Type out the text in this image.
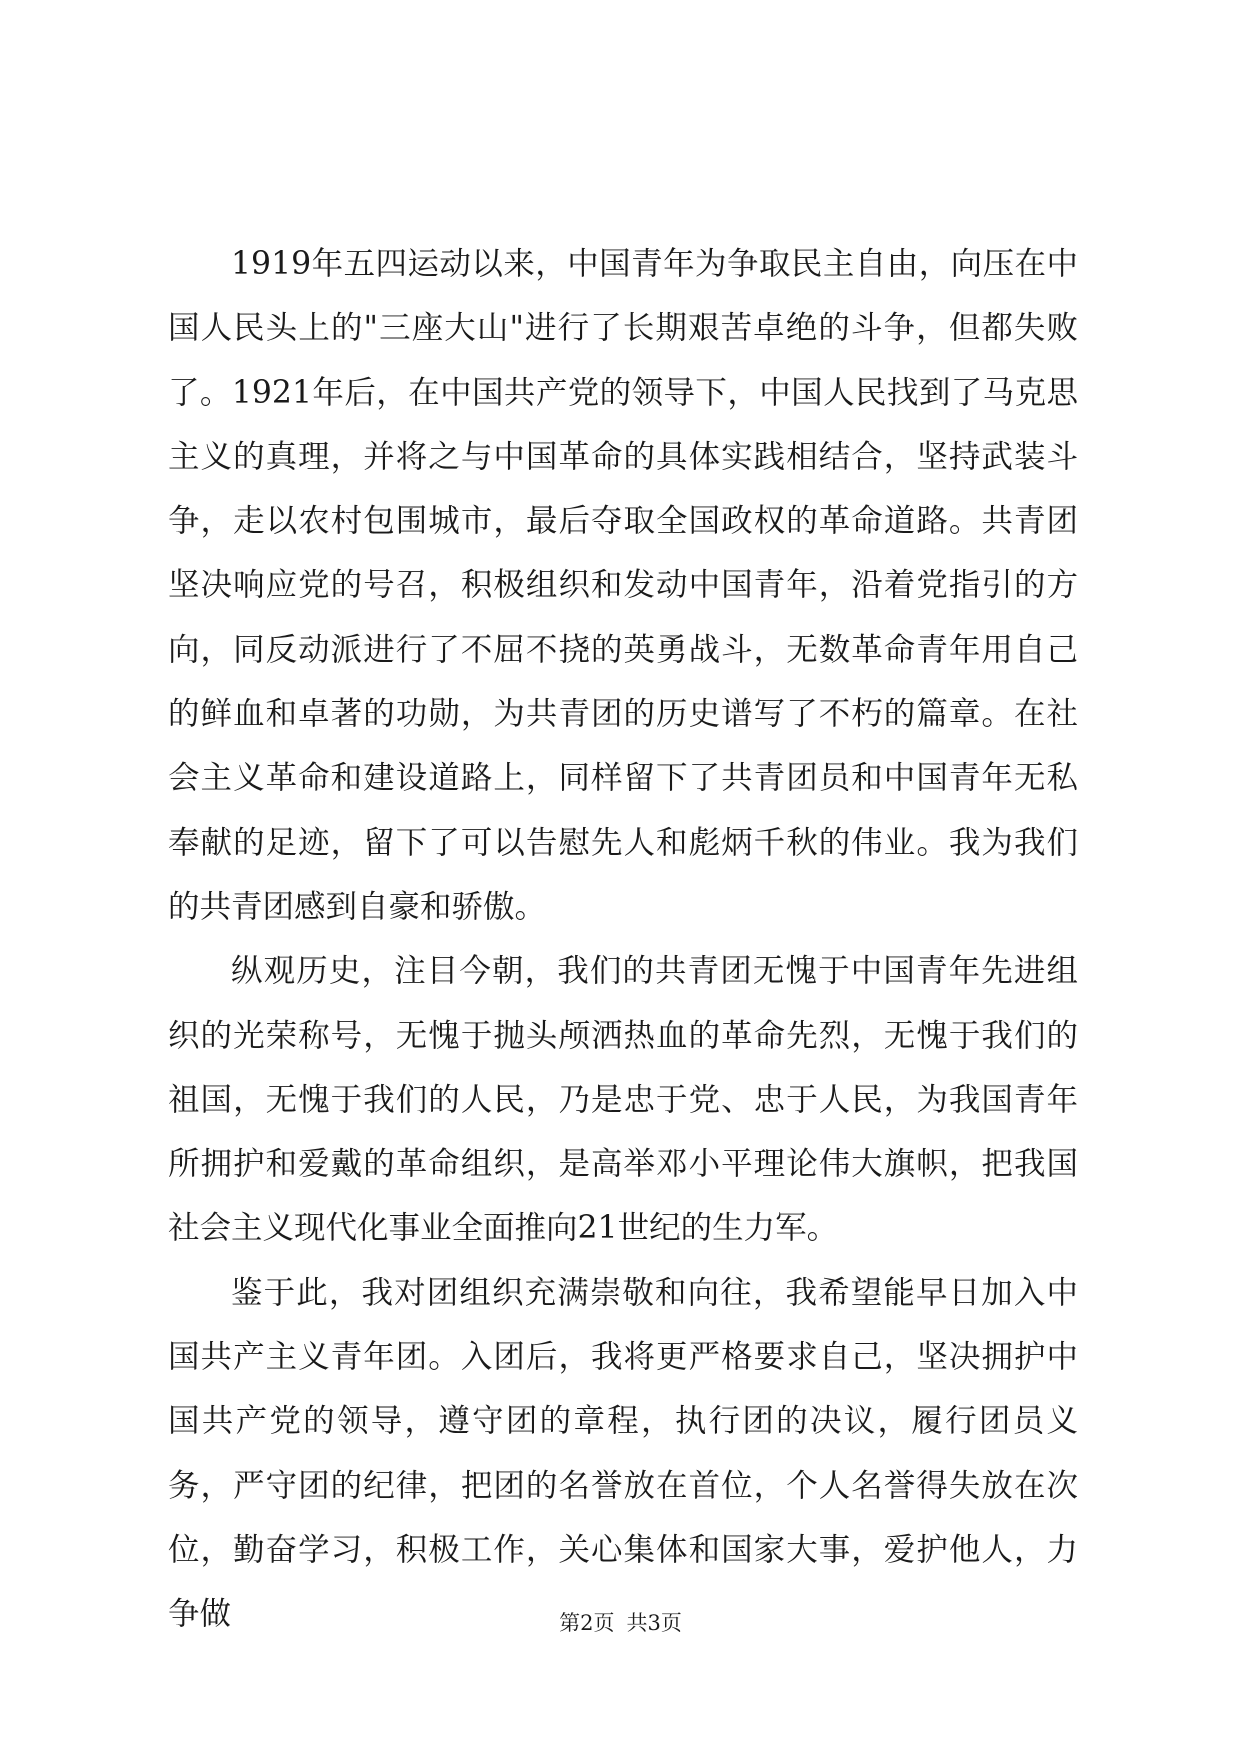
1919年五四运动以来，中国青年为争取民主自由，向压在中国人民头上的"三座大山"进行了长期艰苦卓绝的斗争，但都失败了。1921年后，在中国共产党的领导下，中国人民找到了马克思主义的真理，并将之与中国革命的具体实践相结合，坚持武装斗争，走以农村包围城市，最后夺取全国政权的革命道路。共青团坚决响应党的号召，积极组织和发动中国青年，沿着党指引的方向，同反动派进行了不屈不挠的英勇战斗，无数革命青年用自己的鲜血和卓著的功勋，为共青团的历史谱写了不朽的篇章。在社会主义革命和建设道路上，同样留下了共青团员和中国青年无私奉献的足迹，留下了可以告慰先人和彪炳千秋的伟业。我为我们的共青团感到自豪和骄傲。

纵观历史，注目今朝，我们的共青团无愧于中国青年先进组织的光荣称号，无愧于抛头颅洒热血的革命先烈，无愧于我们的祖国，无愧于我们的人民，乃是忠于党、忠于人民，为我国青年所拥护和爱戴的革命组织，是高举邓小平理论伟大旗帜，把我国社会主义现代化事业全面推向21世纪的生力军。

鉴于此，我对团组织充满崇敬和向往，我希望能早日加入中国共产主义青年团。入团后，我将更严格要求自己，坚决拥护中国共产党的领导，遵守团的章程，执行团的决议，履行团员义务，严守团的纪律，把团的名誉放在首位，个人名誉得失放在次位，勤奋学习，积极工作，关心集体和国家大事，爱护他人，力争做	第2页 共3页
